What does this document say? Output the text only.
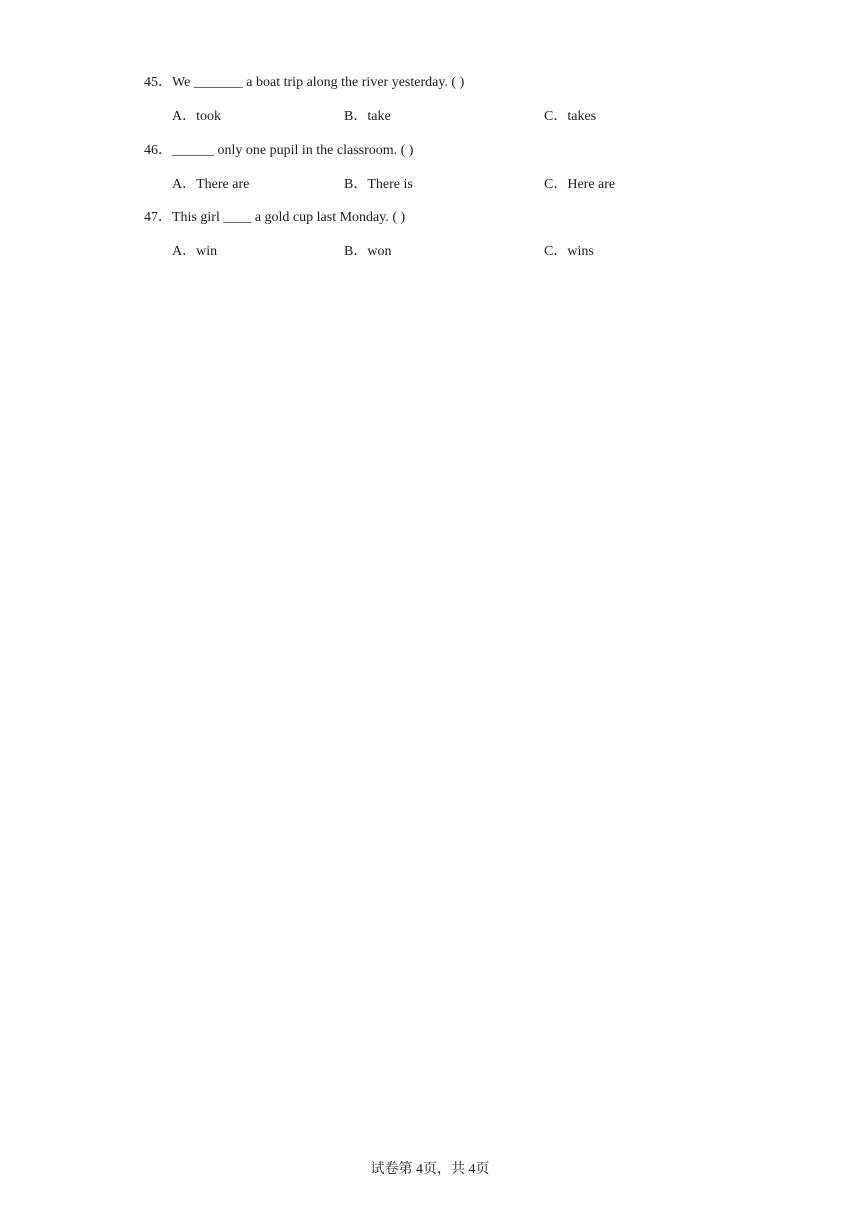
45．We _______ a boat trip along the river yesterday. ( )
A．took	B．take	C．takes
46．______ only one pupil in the classroom. ( )
A．There are	B．There is	C．Here are
47．This girl ____ a gold cup last Monday. ( )
A．win	B．won	C．wins
试卷第 4页，共 4页
